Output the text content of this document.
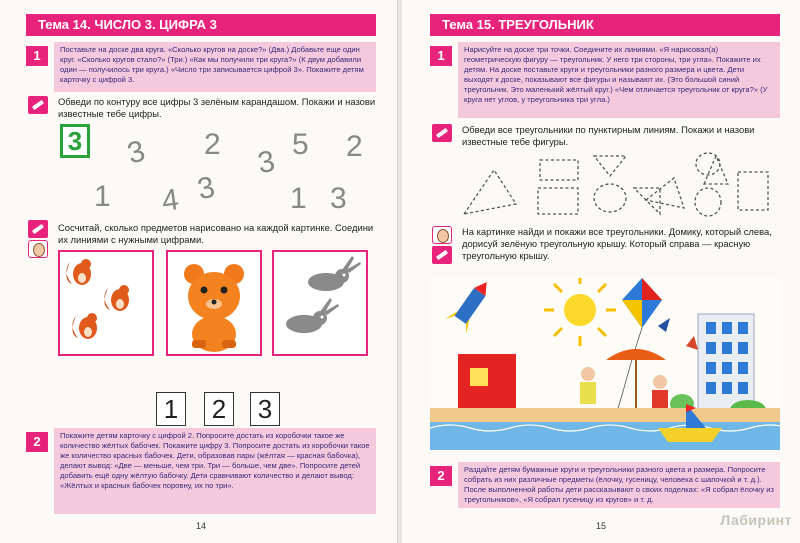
Тема 14. ЧИСЛО 3. ЦИФРА 3
1	Поставьте на доске два круга. «Сколько кругов на доске?» (Два.) Добавьте еще один круг. «Сколько кругов стало?» (Три.) «Как мы получили три круга?» (К двум добавили один — получилось три круга.) «Число три записывается цифрой 3». Покажите детям карточку с цифрой 3.
Обведи по контуру все цифры 3 зелёным карандашом. Покажи и назови известные тебе цифры.
3 3 2
3
5 2
1 4 3 1 3
Сосчитай, сколько предметов нарисовано на каждой картинке. Соедини их линиями с нужными цифрами.
1 2 3
2	Покажите детям карточку с цифрой 2. Попросите достать из коробочки такое же количество жёлтых бабочек. Покажите цифру 3. Попросите достать из коробочки такое же количество красных бабочек. Дети, образовав пары (жёлтая — красная бабочка), делают вывод: «Две — меньше, чем три. Три — больше, чем две». Попросите детей добавить ещё одну жёлтую бабочку. Дети сравнивают количество и делают вывод: «Жёлтых и красных бабочек поровну, их по три».
14
Тема 15. ТРЕУГОЛЬНИК
1	Нарисуйте на доске три точки. Соедините их линиями. «Я нарисовал(а) геометрическую фигуру — треугольник. У него три стороны, три угла». Покажите их детям. На доске поставьте круги и треугольники разного размера и цвета. Дети выходят к доске, показывают все фигуры и называют их. (Это большой синий треугольник. Это маленький жёлтый круг.) «Чем отличается треугольник от круга?» (У круга нет углов, у треугольника три угла.)
Обведи все треугольники по пунктирным линиям. Покажи и назови известные тебе фигуры.
На картинке найди и покажи все треугольники. Домику, который слева, дорисуй зелёную треугольную крышу. Который справа — красную треугольную крышу.
2	Раздайте детям бумажные круги и треугольники разного цвета и размера. Попросите собрать из них различные предметы (ёлочку, гусеницу, человека с шапочкой и т. д.). После выполненной работы дети рассказывают о своих поделках: «Я собрал ёлочку из треугольников», «Я собрал гусеницу из кругов» и т. д.
15	Лабиринт
